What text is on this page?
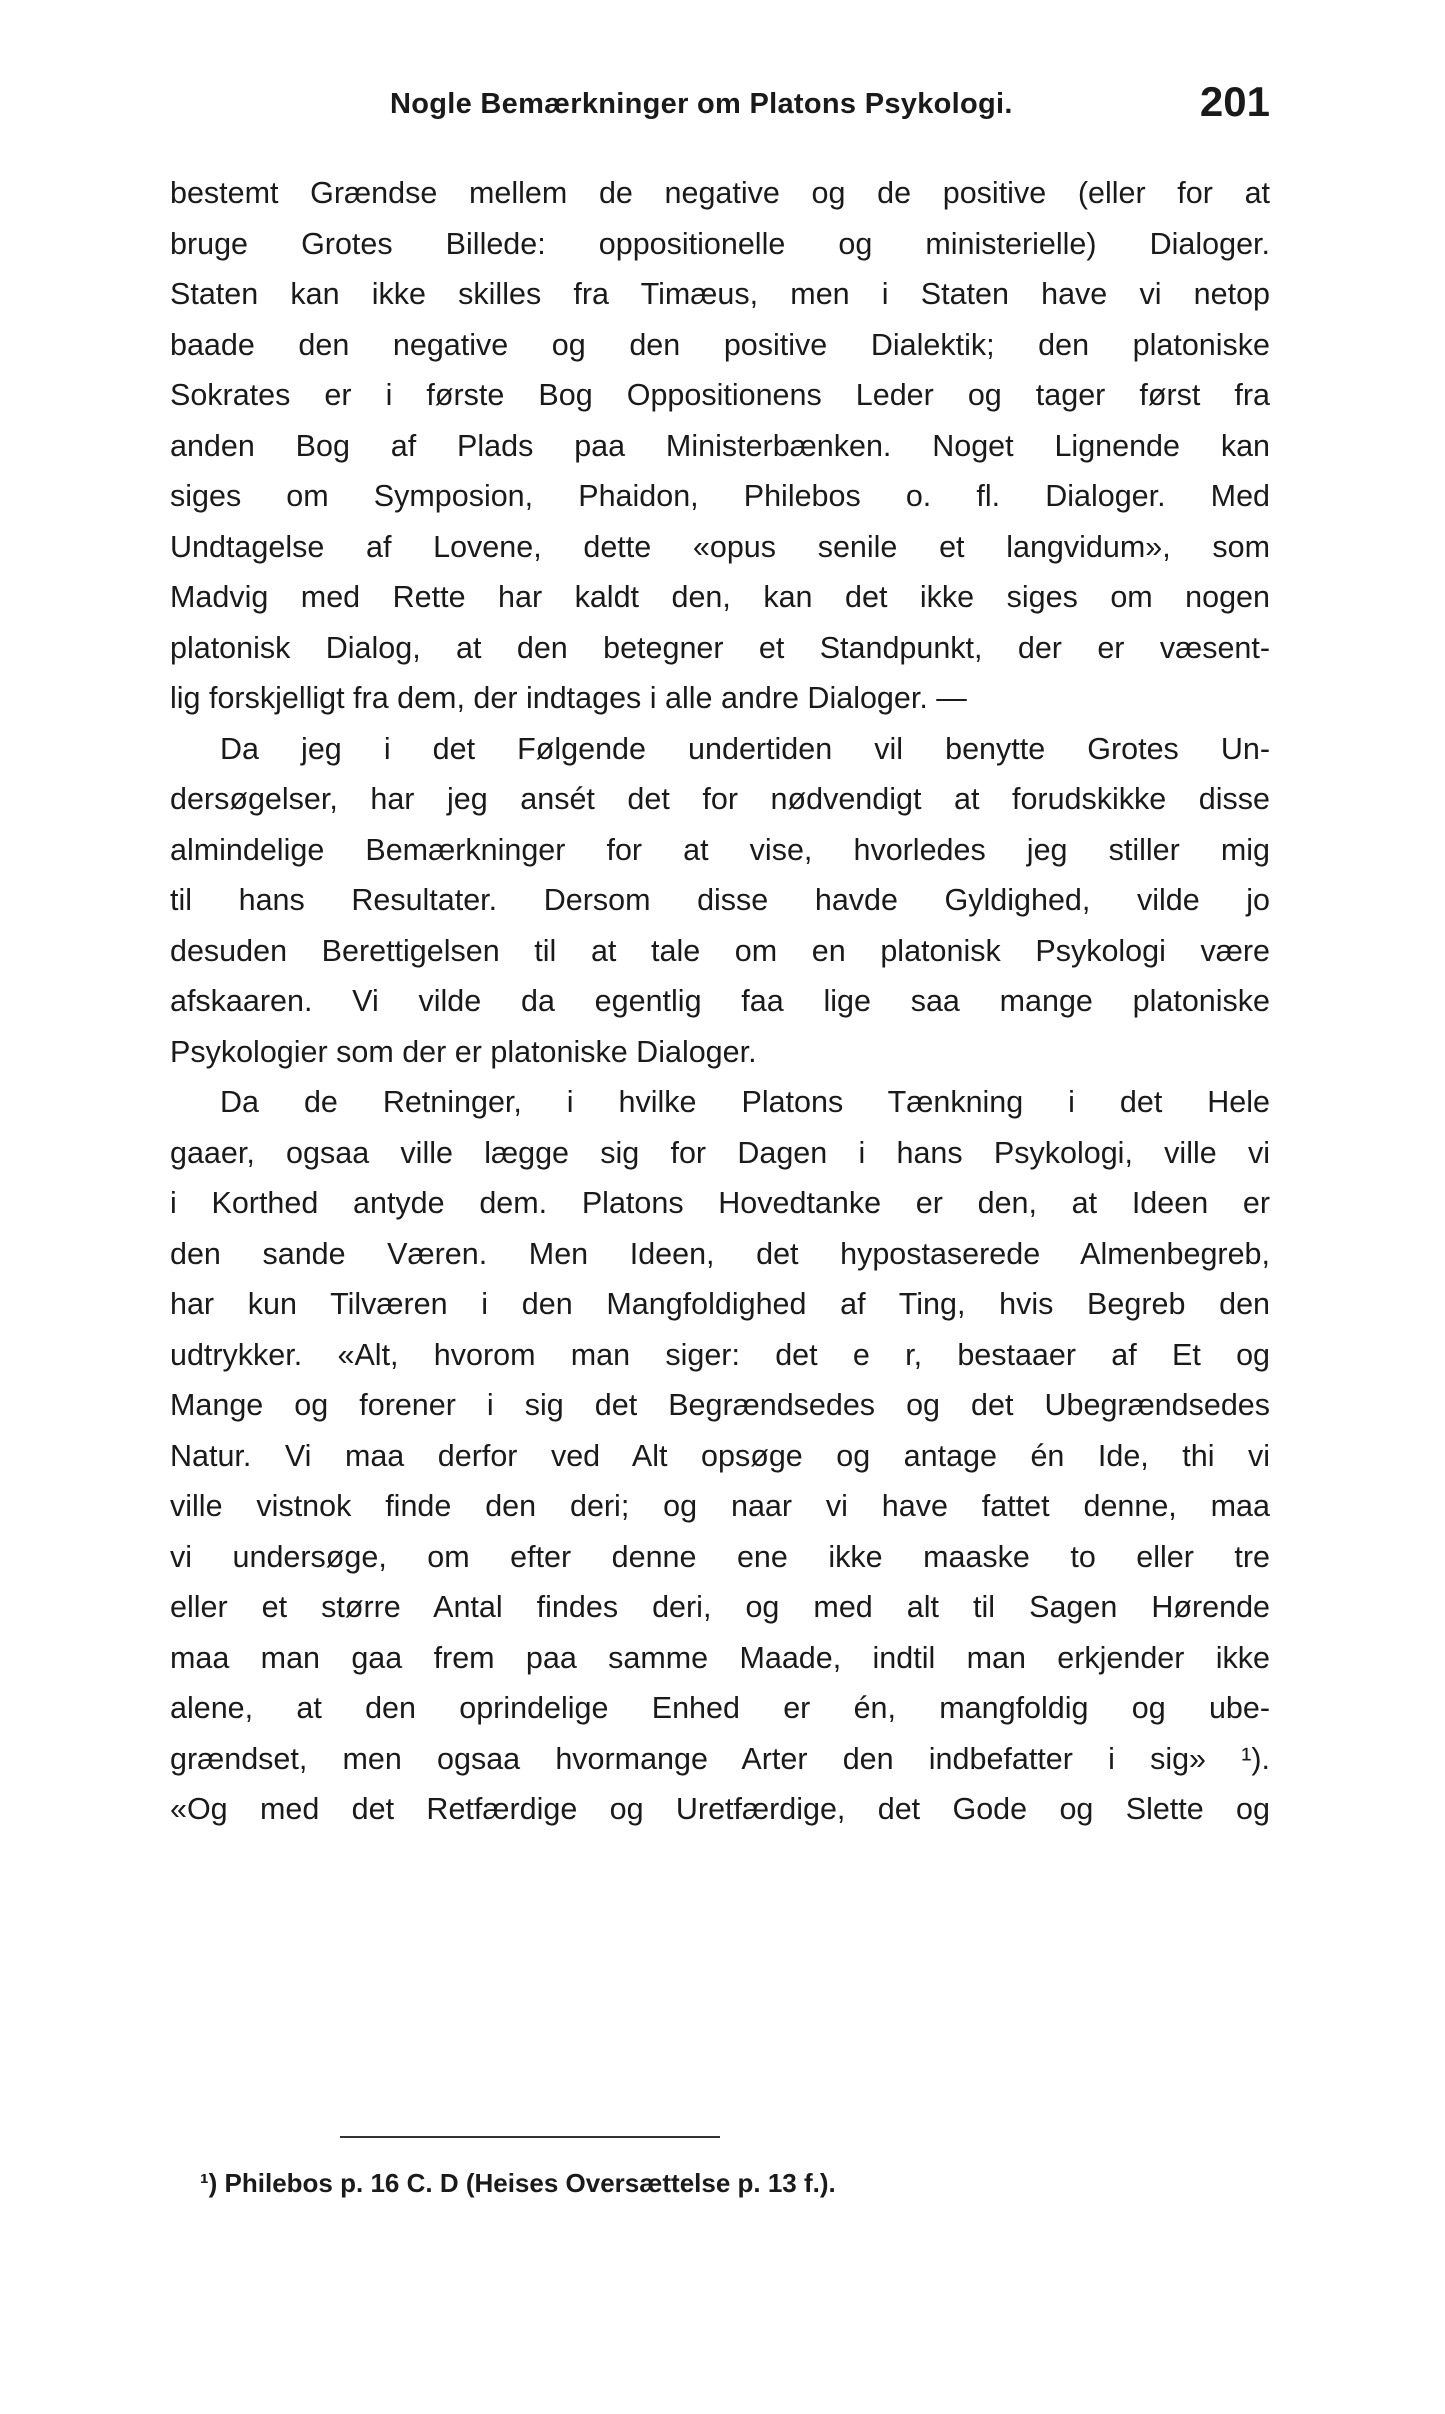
Nogle Bemærkninger om Platons Psykologi.	201
bestemt Grændse mellem de negative og de positive (eller for at
bruge Grotes Billede: oppositionelle og ministerielle) Dialoger.
Staten kan ikke skilles fra Timæus, men i Staten have vi netop
baade den negative og den positive Dialektik; den platoniske
Sokrates er i første Bog Oppositionens Leder og tager først fra
anden Bog af Plads paa Ministerbænken. Noget Lignende kan
siges om Symposion, Phaidon, Philebos o. fl. Dialoger. Med
Undtagelse af Lovene, dette «opus senile et langvidum», som
Madvig med Rette har kaldt den, kan det ikke siges om nogen
platonisk Dialog, at den betegner et Standpunkt, der er væsent-
lig forskjelligt fra dem, der indtages i alle andre Dialoger. —
Da jeg i det Følgende undertiden vil benytte Grotes Un-
dersøgelser, har jeg ansét det for nødvendigt at forudskikke disse
almindelige Bemærkninger for at vise, hvorledes jeg stiller mig
til hans Resultater. Dersom disse havde Gyldighed, vilde jo
desuden Berettigelsen til at tale om en platonisk Psykologi være
afskaaren. Vi vilde da egentlig faa lige saa mange platoniske
Psykologier som der er platoniske Dialoger.
Da de Retninger, i hvilke Platons Tænkning i det Hele
gaaer, ogsaa ville lægge sig for Dagen i hans Psykologi, ville vi
i Korthed antyde dem. Platons Hovedtanke er den, at Ideen er
den sande Væren. Men Ideen, det hypostaserede Almenbegreb,
har kun Tilværen i den Mangfoldighed af Ting, hvis Begreb den
udtrykker. «Alt, hvorom man siger: det e r, bestaaer af Et og
Mange og forener i sig det Begrændsedes og det Ubegrændsedes
Natur. Vi maa derfor ved Alt opsøge og antage én Ide, thi vi
ville vistnok finde den deri; og naar vi have fattet denne, maa
vi undersøge, om efter denne ene ikke maaske to eller tre
eller et større Antal findes deri, og med alt til Sagen Hørende
maa man gaa frem paa samme Maade, indtil man erkjender ikke
alene, at den oprindelige Enhed er én, mangfoldig og ube-
grændset, men ogsaa hvormange Arter den indbefatter i sig» ¹).
«Og med det Retfærdige og Uretfærdige, det Gode og Slette og
¹) Philebos p. 16 C. D (Heises Oversættelse p. 13 f.).
